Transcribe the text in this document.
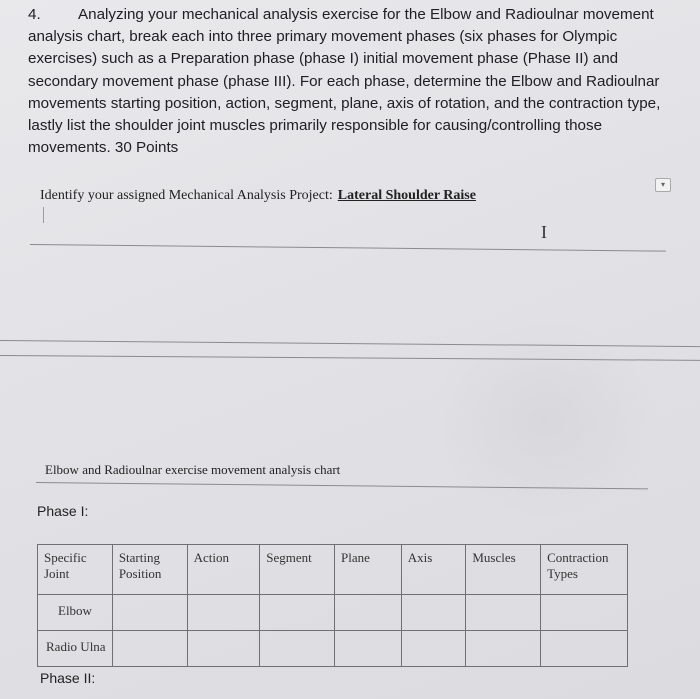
4. Analyzing your mechanical analysis exercise for the Elbow and Radioulnar movement analysis chart, break each into three primary movement phases (six phases for Olympic exercises) such as a Preparation phase (phase I) initial movement phase (Phase II) and secondary movement phase (phase III). For each phase, determine the Elbow and Radioulnar movements starting position, action, segment, plane, axis of rotation, and the contraction type, lastly list the shoulder joint muscles primarily responsible for causing/controlling those movements. 30 Points
▾
Identify your assigned Mechanical Analysis Project: Lateral Shoulder Raise
I
Elbow and Radioulnar exercise movement analysis chart
Phase I:
Specific Joint	Starting Position	Action	Segment	Plane	Axis	Muscles	Contraction Types
Elbow							
Radio Ulna							
Phase II:
